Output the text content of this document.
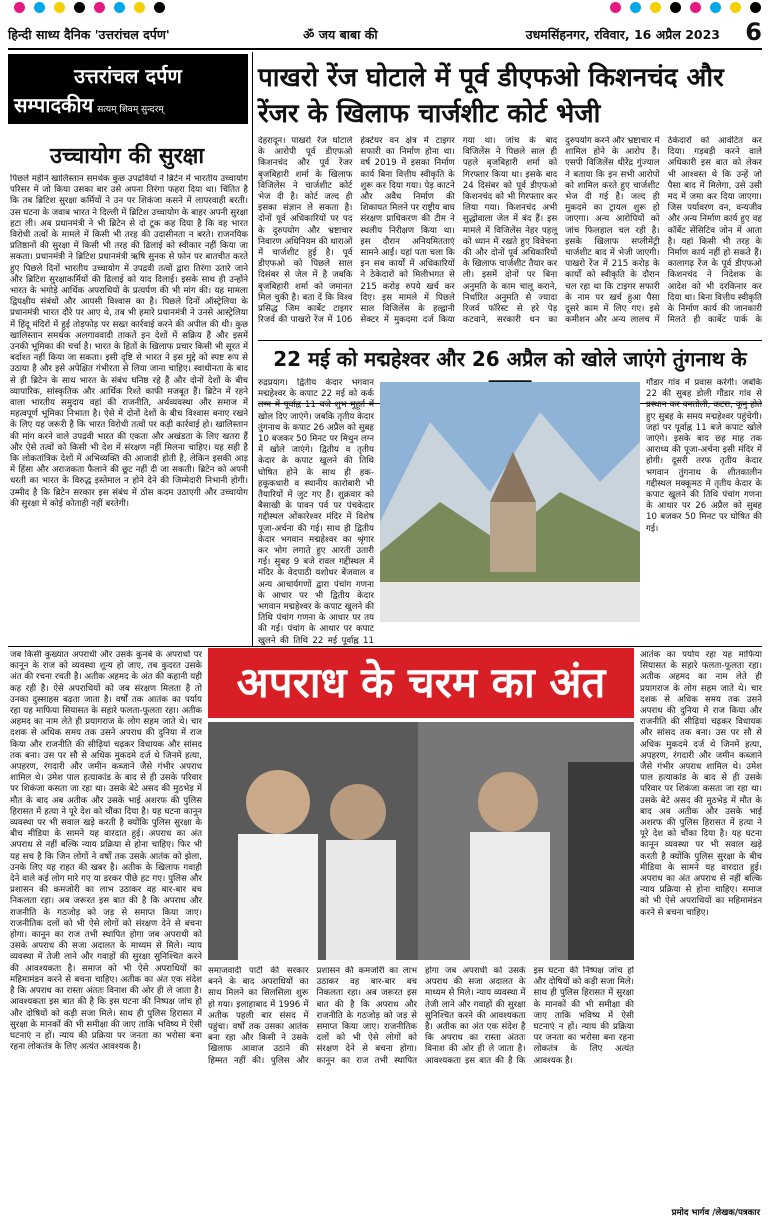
हिन्दी साध्य दैनिक 'उत्तरांचल दर्पण'	ॐ जय बाबा की	उधमसिंहनगर, रविवार, 16 अप्रैल 2023 6
उत्तरांचल दर्पण
सम्पादकीय सत्यम् शिवम् सुन्दरम्
उच्चायोग की सुरक्षा

पिछले महीने खालिस्तान समर्थक कुछ उपद्रवियों ने ब्रिटेन में भारतीय उच्चायोग परिसर में जो किया उसका बार उसे अपना तिरंगा फहरा दिया था। चिंतित है कि तब ब्रिटिश सुरक्षा कर्मियों ने उन पर शिकंजा कसने में लापरवाही बरती। उस घटना के जवाब भारत ने दिल्ली में ब्रिटिश उच्चायोग के बाहर अपनी सुरक्षा हटा ली। अब प्रधानमंत्री ने भी ब्रिटेन से दो टूक कह दिया है कि वह भारत विरोधी तत्वों के मामले में किसी भी तरह की उदासीनता न बरते। राजनयिक प्रतिष्ठानों की सुरक्षा में किसी भी तरह की ढिलाई को स्वीकार नहीं किया जा सकता। प्रधानमंत्री ने ब्रिटिश प्रधानमंत्री ऋषि सुनक से फोन पर बातचीत करते हुए पिछले दिनों भारतीय उच्चायोग में उपद्रवी तत्वों द्वारा तिरंगा उतारे जाने और ब्रिटिश सुरक्षाकर्मियों की ढिलाई को याद दिलाई। इसके साथ ही उन्होंने भारत के भगोड़े आर्थिक अपराधियों के प्रत्यर्पण की भी मांग की। यह मामला द्विपक्षीय संबंधों और आपसी विश्वास का है। पिछले दिनों ऑस्ट्रेलिया के प्रधानमंत्री भारत दौरे पर आए थे, तब भी हमारे प्रधानमंत्री ने उनसे आस्ट्रेलिया में हिंदू मंदिरों में हुई तोड़फोड़ पर सख्त कार्रवाई करने की अपील की थी। कुछ खालिस्तान समर्थक अलगाववादी ताकतें इन देशों में सक्रिय हैं और इसमें उनकी भूमिका की चर्चा है। भारत के हितों के खिलाफ प्रचार किसी भी सूरत में बर्दाश्त नहीं किया जा सकता। इसी दृष्टि से भारत ने इस मुद्दे को स्पष्ट रूप से उठाया है और इसे अपेक्षित गंभीरता से लिया जाना चाहिए। स्वाधीनता के बाद से ही ब्रिटेन के साथ भारत के संबंध घनिष्ठ रहे हैं और दोनों देशों के बीच व्यापारिक, सांस्कृतिक और आर्थिक रिश्ते काफी मजबूत हैं। ब्रिटेन में रहने वाला भारतीय समुदाय वहां की राजनीति, अर्थव्यवस्था और समाज में महत्वपूर्ण भूमिका निभाता है। ऐसे में दोनों देशों के बीच विश्वास बनाए रखने के लिए यह जरूरी है कि भारत विरोधी तत्वों पर कड़ी कार्रवाई हो। खालिस्तान की मांग करने वाले उपद्रवी भारत की एकता और अखंडता के लिए खतरा हैं और ऐसे तत्वों को किसी भी देश में संरक्षण नहीं मिलना चाहिए। यह सही है कि लोकतांत्रिक देशों में अभिव्यक्ति की आजादी होती है, लेकिन इसकी आड़ में हिंसा और अराजकता फैलाने की छूट नहीं दी जा सकती। ब्रिटेन को अपनी धरती का भारत के विरुद्ध इस्तेमाल न होने देने की जिम्मेदारी निभानी होगी। उम्मीद है कि ब्रिटेन सरकार इस संबंध में ठोस कदम उठाएगी और उच्चायोग की सुरक्षा में कोई कोताही नहीं बरतेगी।

पाखरो रेंज घोटाले में पूर्व डीएफओ किशनचंद और रेंजर के खिलाफ चार्जशीट कोर्ट भेजी

देहरादून। पाखरो रेंज घोटाले के आरोपी पूर्व डीएफओ किशनचंद और पूर्व रेंजर बृजबिहारी शर्मा के खिलाफ विजिलेंस ने चार्जशीट कोर्ट भेज दी है। कोर्ट जल्द ही इसका संज्ञान ले सकता है। दोनों पूर्व अधिकारियों पर पद के दुरुपयोग और भ्रष्टाचार निवारण अधिनियम की धाराओं में चार्जशीट हुई है। पूर्व डीएफओ को पिछले साल दिसंबर से जेल में है जबकि बृजबिहारी शर्मा को जमानत मिल चुकी है। बता दें कि विश्व प्रसिद्ध जिम कार्बेट टाइगर रिजर्व की पाखरो रेंज में 106 हेक्टेयर वन क्षेत्र में टाइगर सफारी का निर्माण होना था। वर्ष 2019 में इसका निर्माण कार्य बिना वित्तीय स्वीकृति के शुरू कर दिया गया। पेड़ काटने और अवैध निर्माण की शिकायत मिलने पर राष्ट्रीय बाघ संरक्षण प्राधिकरण की टीम ने स्थलीय निरीक्षण किया था। इस दौरान अनियमितताएं सामने आईं। यहां पता चला कि इन सब कार्यों में अधिकारियों ने ठेकेदारों को मिलीभगत से 215 करोड़ रुपये खर्च कर दिए। इस मामले में पिछले साल विजिलेंस के हल्द्वानी सेक्टर में मुकदमा दर्ज किया गया था। जांच के बाद विजिलेंस ने पिछले साल ही पहले बृजबिहारी शर्मा को गिरफ्तार किया था। इसके बाद 24 दिसंबर को पूर्व डीएफओ किशनचंद को भी गिरफ्तार कर लिया गया। किशनचंद अभी सुद्धोवाला जेल में बंद हैं। इस मामले में विजिलेंस नेहर पहलू को ध्यान में रखते हुए विवेचना की और दोनों पूर्व अधिकारियों के खिलाफ चार्जशीट तैयार कर ली। इसमें दोनों पर बिना अनुमति के काम चालू कराने, निर्धारित अनुमति से ज्यादा रिजर्व फॉरेस्ट से हरे पेड़ कटवाने, सरकारी धन का दुरुपयोग करने और भ्रष्टाचार में शामिल होने के आरोप हैं। एसपी विजिलेंस धीरेंद्र गुंज्याल ने बताया कि इन सभी आरोपों को शामिल करते हुए चार्जशीट भेज दी गई है। जल्द ही मुकदमे का ट्रायल शुरू हो जाएगा। अन्य आरोपियों को जांच फिलहाल चल रही है। इसके खिलाफ सप्लीमेंट्री चार्जशीट बाद में भेजी जाएगी। पाखरो रेंज में 215 करोड़ के कार्यों को स्वीकृति के दौरान चल रहा था कि टाइगर सफारी के नाम पर खर्च हुआ पैसा दूसरे काम में लिए गए। इसे कमीशन और अन्य लालच में ठेकेदारों को आवंटित कर दिया। गड़बड़ी करने वाले अधिकारी इस बात को लेकर भी आश्वस्त थे कि उन्हें जो पैसा बाद में मिलेगा, उसे उसी मद में जमा कर दिया जाएगा। जिस पर्यावरण वन, वन्यजीव और अन्य निर्माण कार्य हुए वह कॉर्बेट सेंसिटिव जोन में आता है। यहां किसी भी तरह के निर्माण कार्य नहीं हो सकते हैं। कालागढ़ रेंज के पूर्व डीएफओ किशनचंद ने निदेशक के आदेश को भी दरकिनार कर दिया था। बिना वित्तीय स्वीकृति के निर्माण कार्य की जानकारी मिलते ही कार्बेट पार्क के

22 मई को मद्महेश्वर और 26 अप्रैल को खोले जाएंगे तुंगनाथ के

रुद्रप्रयाग। द्वितीय केदार भगवान मद्महेश्वर के कपाट 22 मई को कर्क लग्न में पूर्वाह्न 11 बजे शुभ मुहूर्त में खोल दिए जाएंगे। जबकि तृतीय केदार तुंगनाथ के कपाट 26 अप्रैल को सुबह 10 बजकर 50 मिनट पर मिथुन लग्न में खोले जाएंगे। द्वितीय व तृतीय केदार के कपाट खुलने की तिथि घोषित होने के साथ ही हक-हकूकधारी व स्थानीय कारोबारी भी तैयारियों में जुट गए हैं। शुक्रवार को बैसाखी के पावन पर्व पर पंचकेदार गद्दीस्थल ओंकारेश्वर मंदिर में विशेष पूजा-अर्चना की गई। साथ ही द्वितीय केदार भगवान मद्महेश्वर का श्रृंगार कर भोग लगाते हुए आरती उतारी गई। सुबह 9 बजे रावल गद्दीस्थल में मंदिर के वेदपाठी यशोधर बेंजवाल व अन्य आचार्यगणों द्वारा पंचांग गणना के आधार पर भी द्वितीय केदार भगवान मद्महेश्वर के कपाट खुलने की तिथि पंचांग गणना के आधार पर तय की गई। पंचांग के आधार पर कपाट खुलने की तिथि 22 मई पूर्वाह्न 11

गौंडार गांव में प्रवास करेगी। जबकि 22 की सुबह डोली गौंडार गांव से प्रस्थान कर बनतोली, कटरा, कूनु होते हुए सुबह के समय मद्महेश्वर पहुंचेगी। जहां पर पूर्वाह्न 11 बजे कपाट खोले जाएंगे। इसके बाद छह माह तक आराध्य की पूजा-अर्चना इसी मंदिर में होगी। दूसरी तरफ तृतीय केदार भगवान तुंगनाथ के शीतकालीन गद्दीस्थल मक्कूमठ में तृतीय केदार के कपाट खुलने की तिथि पंचांग गणना के आधार पर 26 अप्रैल को सुबह 10 बजकर 50 मिनट पर घोषित की गई।

अपराध के चरम का अंत

जब किसी कुख्यात अपराधी और उसके कुनबे के अपराधों पर कानून के राज को व्यवस्था शून्य हो जाए, तब कुदरत उसके अंत की रचना रचती है। अतीक अहमद के अंत की कहानी यही कह रही है। ऐसे अपराधियों को जब संरक्षण मिलता है तो उनका दुस्साहस बढ़ता जाता है। वर्षों तक आतंक का पर्याय रहा यह माफिया सियासत के सहारे फलता-फूलता रहा। अतीक अहमद का नाम लेते ही प्रयागराज के लोग सहम जाते थे। चार दशक से अधिक समय तक उसने अपराध की दुनिया में राज किया और राजनीति की सीढ़ियां चढ़कर विधायक और सांसद तक बना। उस पर सौ से अधिक मुकदमे दर्ज थे जिनमें हत्या, अपहरण, रंगदारी और जमीन कब्जाने जैसे गंभीर अपराध शामिल थे। उमेश पाल हत्याकांड के बाद से ही उसके परिवार पर शिकंजा कसता जा रहा था। उसके बेटे असद की मुठभेड़ में मौत के बाद अब अतीक और उसके भाई अशरफ की पुलिस हिरासत में हत्या ने पूरे देश को चौंका दिया है। यह घटना कानून व्यवस्था पर भी सवाल खड़े करती है क्योंकि पुलिस सुरक्षा के बीच मीडिया के सामने यह वारदात हुई। अपराध का अंत अपराध से नहीं बल्कि न्याय प्रक्रिया से होना चाहिए। फिर भी यह सच है कि जिन लोगों ने वर्षों तक उसके आतंक को झेला, उनके लिए यह राहत की खबर है। अतीक के खिलाफ गवाही देने वाले कई लोग मारे गए या डरकर पीछे हट गए। पुलिस और प्रशासन की कमजोरी का लाभ उठाकर वह बार-बार बच निकलता रहा। अब जरूरत इस बात की है कि अपराध और राजनीति के गठजोड़ को जड़ से समाप्त किया जाए। राजनीतिक दलों को भी ऐसे लोगों को संरक्षण देने से बचना होगा। कानून का राज तभी स्थापित होगा जब अपराधी को उसके अपराध की सजा अदालत के माध्यम से मिले। न्याय व्यवस्था में तेजी लाने और गवाहों की सुरक्षा सुनिश्चित करने की आवश्यकता है। समाज को भी ऐसे अपराधियों का महिमामंडन करने से बचना चाहिए। अतीक का अंत एक संदेश है कि अपराध का रास्ता अंततः विनाश की ओर ही ले जाता है। आवश्यकता इस बात की है कि इस घटना की निष्पक्ष जांच हो और दोषियों को कड़ी सजा मिले। साथ ही पुलिस हिरासत में सुरक्षा के मानकों की भी समीक्षा की जाए ताकि भविष्य में ऐसी घटनाएं न हों। न्याय की प्रक्रिया पर जनता का भरोसा बना रहना लोकतंत्र के लिए अत्यंत आवश्यक है।

आतंक का पर्याय रहा यह माफिया सियासत के सहारे फलता-फूलता रहा। अतीक अहमद का नाम लेते ही प्रयागराज के लोग सहम जाते थे। चार दशक से अधिक समय तक उसने अपराध की दुनिया में राज किया और राजनीति की सीढ़ियां चढ़कर विधायक और सांसद तक बना। उस पर सौ से अधिक मुकदमे दर्ज थे जिनमें हत्या, अपहरण, रंगदारी और जमीन कब्जाने जैसे गंभीर अपराध शामिल थे। उमेश पाल हत्याकांड के बाद से ही उसके परिवार पर शिकंजा कसता जा रहा था। उसके बेटे असद की मुठभेड़ में मौत के बाद अब अतीक और उसके भाई अशरफ की पुलिस हिरासत में हत्या ने पूरे देश को चौंका दिया है। यह घटना कानून व्यवस्था पर भी सवाल खड़े करती है क्योंकि पुलिस सुरक्षा के बीच मीडिया के सामने यह वारदात हुई। अपराध का अंत अपराध से नहीं बल्कि न्याय प्रक्रिया से होना चाहिए। समाज को भी ऐसे अपराधियों का महिमामंडन करने से बचना चाहिए।

समाजवादी पार्टी की सरकार बनने के बाद अपराधियों का साथ मिलने का सिलसिला शुरू हो गया। इलाहाबाद में 1996 में अतीक पहली बार संसद में पहुंचा। वर्षों तक उसका आतंक बना रहा और किसी ने उसके खिलाफ आवाज उठाने की हिम्मत नहीं की। पुलिस और प्रशासन की कमजोरी का लाभ उठाकर वह बार-बार बच निकलता रहा। अब जरूरत इस बात की है कि अपराध और राजनीति के गठजोड़ को जड़ से समाप्त किया जाए। राजनीतिक दलों को भी ऐसे लोगों को संरक्षण देने से बचना होगा। कानून का राज तभी स्थापित होगा जब अपराधी को उसके अपराध की सजा अदालत के माध्यम से मिले। न्याय व्यवस्था में तेजी लाने और गवाहों की सुरक्षा सुनिश्चित करने की आवश्यकता है। अतीक का अंत एक संदेश है कि अपराध का रास्ता अंततः विनाश की ओर ही ले जाता है। आवश्यकता इस बात की है कि इस घटना की निष्पक्ष जांच हो और दोषियों को कड़ी सजा मिले। साथ ही पुलिस हिरासत में सुरक्षा के मानकों की भी समीक्षा की जाए ताकि भविष्य में ऐसी घटनाएं न हों। न्याय की प्रक्रिया पर जनता का भरोसा बना रहना लोकतंत्र के लिए अत्यंत आवश्यक है।

प्रमोद भार्गव /लेखक/पत्रकार
